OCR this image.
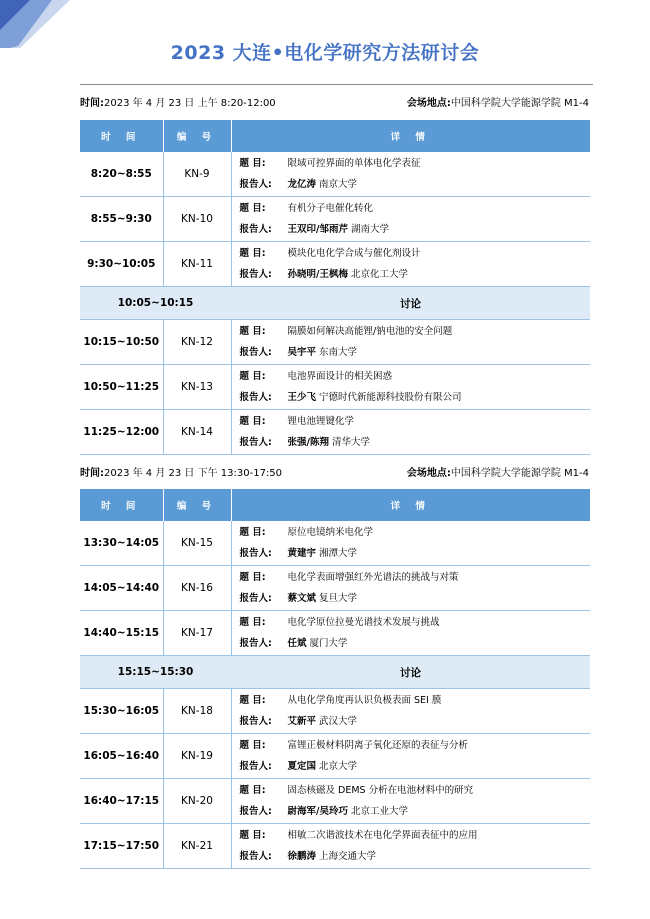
2023 大连•电化学研究方法研讨会
时间:2023 年 4 月 23 日 上午 8:20-12:00	会场地点:中国科学院大学能源学院 M1-4
时 间	编 号	详 情
8:20~8:55	KN-9	题 目: 限域可控界面的单体电化学表征
报告人: 龙亿涛 南京大学

8:55~9:30	KN-10	题 目: 有机分子电催化转化
报告人: 王双印/邹雨芹 湖南大学

9:30~10:05	KN-11	题 目: 模块化电化学合成与催化剂设计
报告人: 孙晓明/王枫梅 北京化工大学

10:05~10:15		讨论
10:15~10:50	KN-12	题 目: 隔膜如何解决高能锂/钠电池的安全问题
报告人: 吴宇平 东南大学

10:50~11:25	KN-13	题 目: 电池界面设计的相关困惑
报告人: 王少飞 宁德时代新能源科技股份有限公司

11:25~12:00	KN-14	题 目: 锂电池锂键化学
报告人: 张强/陈翔 清华大学
时间:2023 年 4 月 23 日 下午 13:30-17:50	会场地点:中国科学院大学能源学院 M1-4
时 间	编 号	详 情
13:30~14:05	KN-15	题 目: 原位电镜纳米电化学
报告人: 黄建宇 湘潭大学

14:05~14:40	KN-16	题 目: 电化学表面增强红外光谱法的挑战与对策
报告人: 蔡文斌 复旦大学

14:40~15:15	KN-17	题 目: 电化学原位拉曼光谱技术发展与挑战
报告人: 任斌 厦门大学

15:15~15:30		讨论
15:30~16:05	KN-18	题 目: 从电化学角度再认识负极表面 SEI 膜
报告人: 艾新平 武汉大学

16:05~16:40	KN-19	题 目: 富锂正极材料阴离子氧化还原的表征与分析
报告人: 夏定国 北京大学

16:40~17:15	KN-20	题 目: 固态核磁及 DEMS 分析在电池材料中的研究
报告人: 尉海军/吴玲巧 北京工业大学

17:15~17:50	KN-21	题 目: 相敏二次谐波技术在电化学界面表征中的应用
报告人: 徐鹏涛 上海交通大学
